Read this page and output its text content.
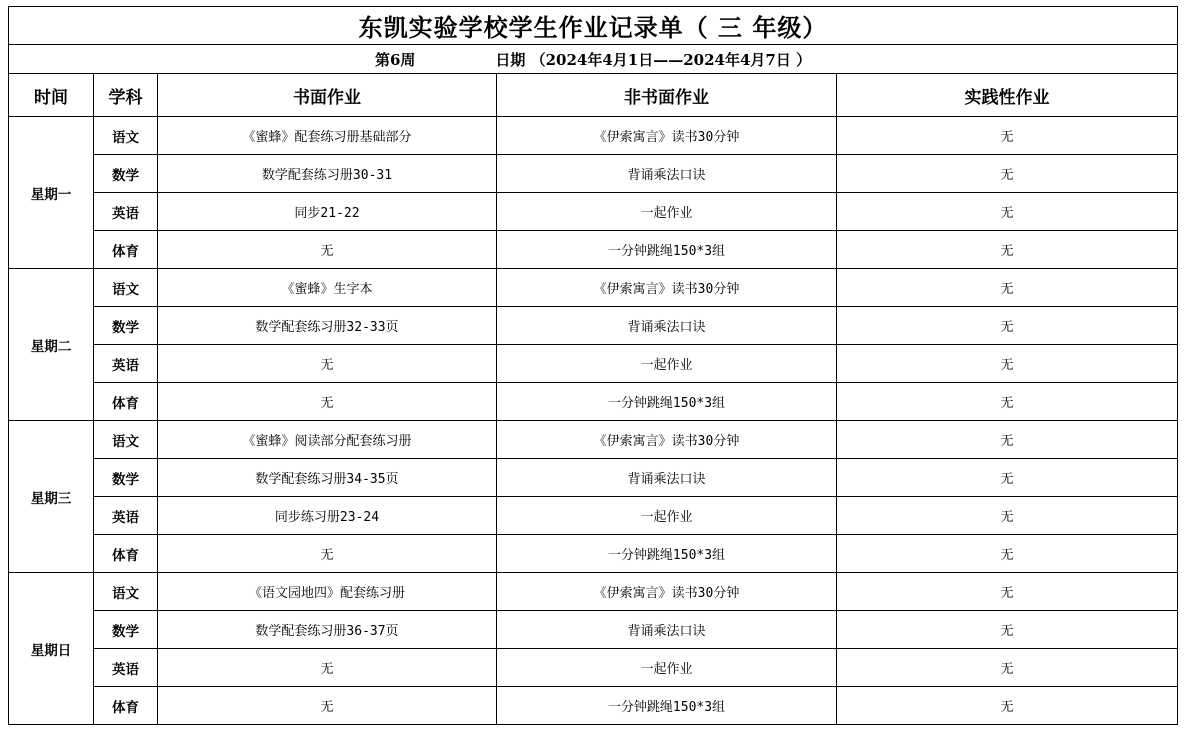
东凯实验学校学生作业记录单（ 三 年级）				
第6周 日期 （2024年4月1日——2024年4月7日 ）				
时间	学科	书面作业	非书面作业	实践性作业
星期一	语文	《蜜蜂》配套练习册基础部分	《伊索寓言》读书30分钟	无
	数学	数学配套练习册30-31	背诵乘法口诀	无
	英语	同步21-22	一起作业	无
	体育	无	一分钟跳绳150*3组	无
星期二	语文	《蜜蜂》生字本	《伊索寓言》读书30分钟	无
	数学	数学配套练习册32-33页	背诵乘法口诀	无
	英语	无	一起作业	无
	体育	无	一分钟跳绳150*3组	无
星期三	语文	《蜜蜂》阅读部分配套练习册	《伊索寓言》读书30分钟	无
	数学	数学配套练习册34-35页	背诵乘法口诀	无
	英语	同步练习册23-24	一起作业	无
	体育	无	一分钟跳绳150*3组	无
星期日	语文	《语文园地四》配套练习册	《伊索寓言》读书30分钟	无
	数学	数学配套练习册36-37页	背诵乘法口诀	无
	英语	无	一起作业	无
	体育	无	一分钟跳绳150*3组	无
